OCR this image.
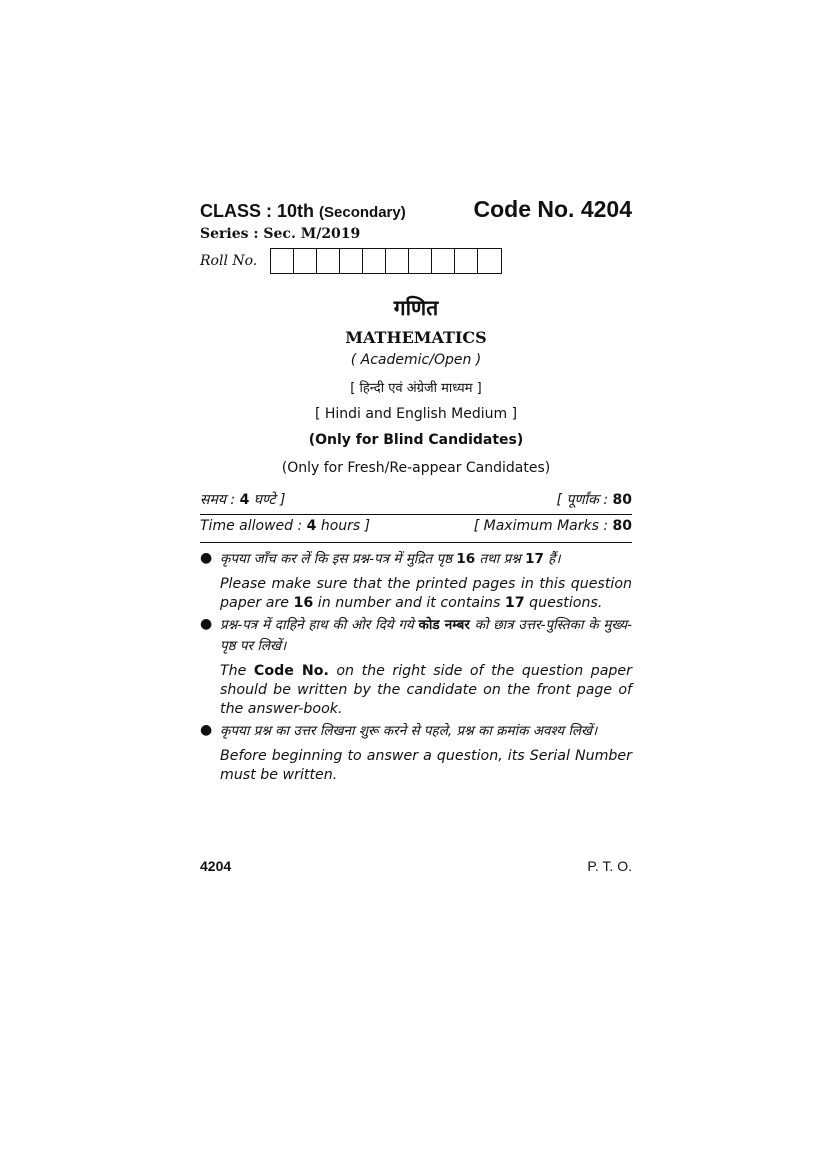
CLASS : 10th (Secondary)	Code No. 4204
Series : Sec. M/2019
Roll No.
गणित
MATHEMATICS
( Academic/Open )
[ हिन्दी एवं अंग्रेजी माध्यम ]
[ Hindi and English Medium ]
(Only for Blind Candidates)
(Only for Fresh/Re-appear Candidates)
समय : 4 घण्टे ]	[ पूर्णांक : 80
Time allowed : 4 hours ]	[ Maximum Marks : 80
● कृपया जाँच कर लें कि इस प्रश्न-पत्र में मुद्रित पृष्ठ 16 तथा प्रश्न 17 हैं।
Please make sure that the printed pages in this question paper are 16 in number and it contains 17 questions.
● प्रश्न-पत्र में दाहिने हाथ की ओर दिये गये कोड नम्बर को छात्र उत्तर-पुस्तिका के मुख्य-पृष्ठ पर लिखें।
The Code No. on the right side of the question paper should be written by the candidate on the front page of the answer-book.
● कृपया प्रश्न का उत्तर लिखना शुरू करने से पहले, प्रश्न का क्रमांक अवश्य लिखें।
Before beginning to answer a question, its Serial Number must be written.
4204	P. T. O.
